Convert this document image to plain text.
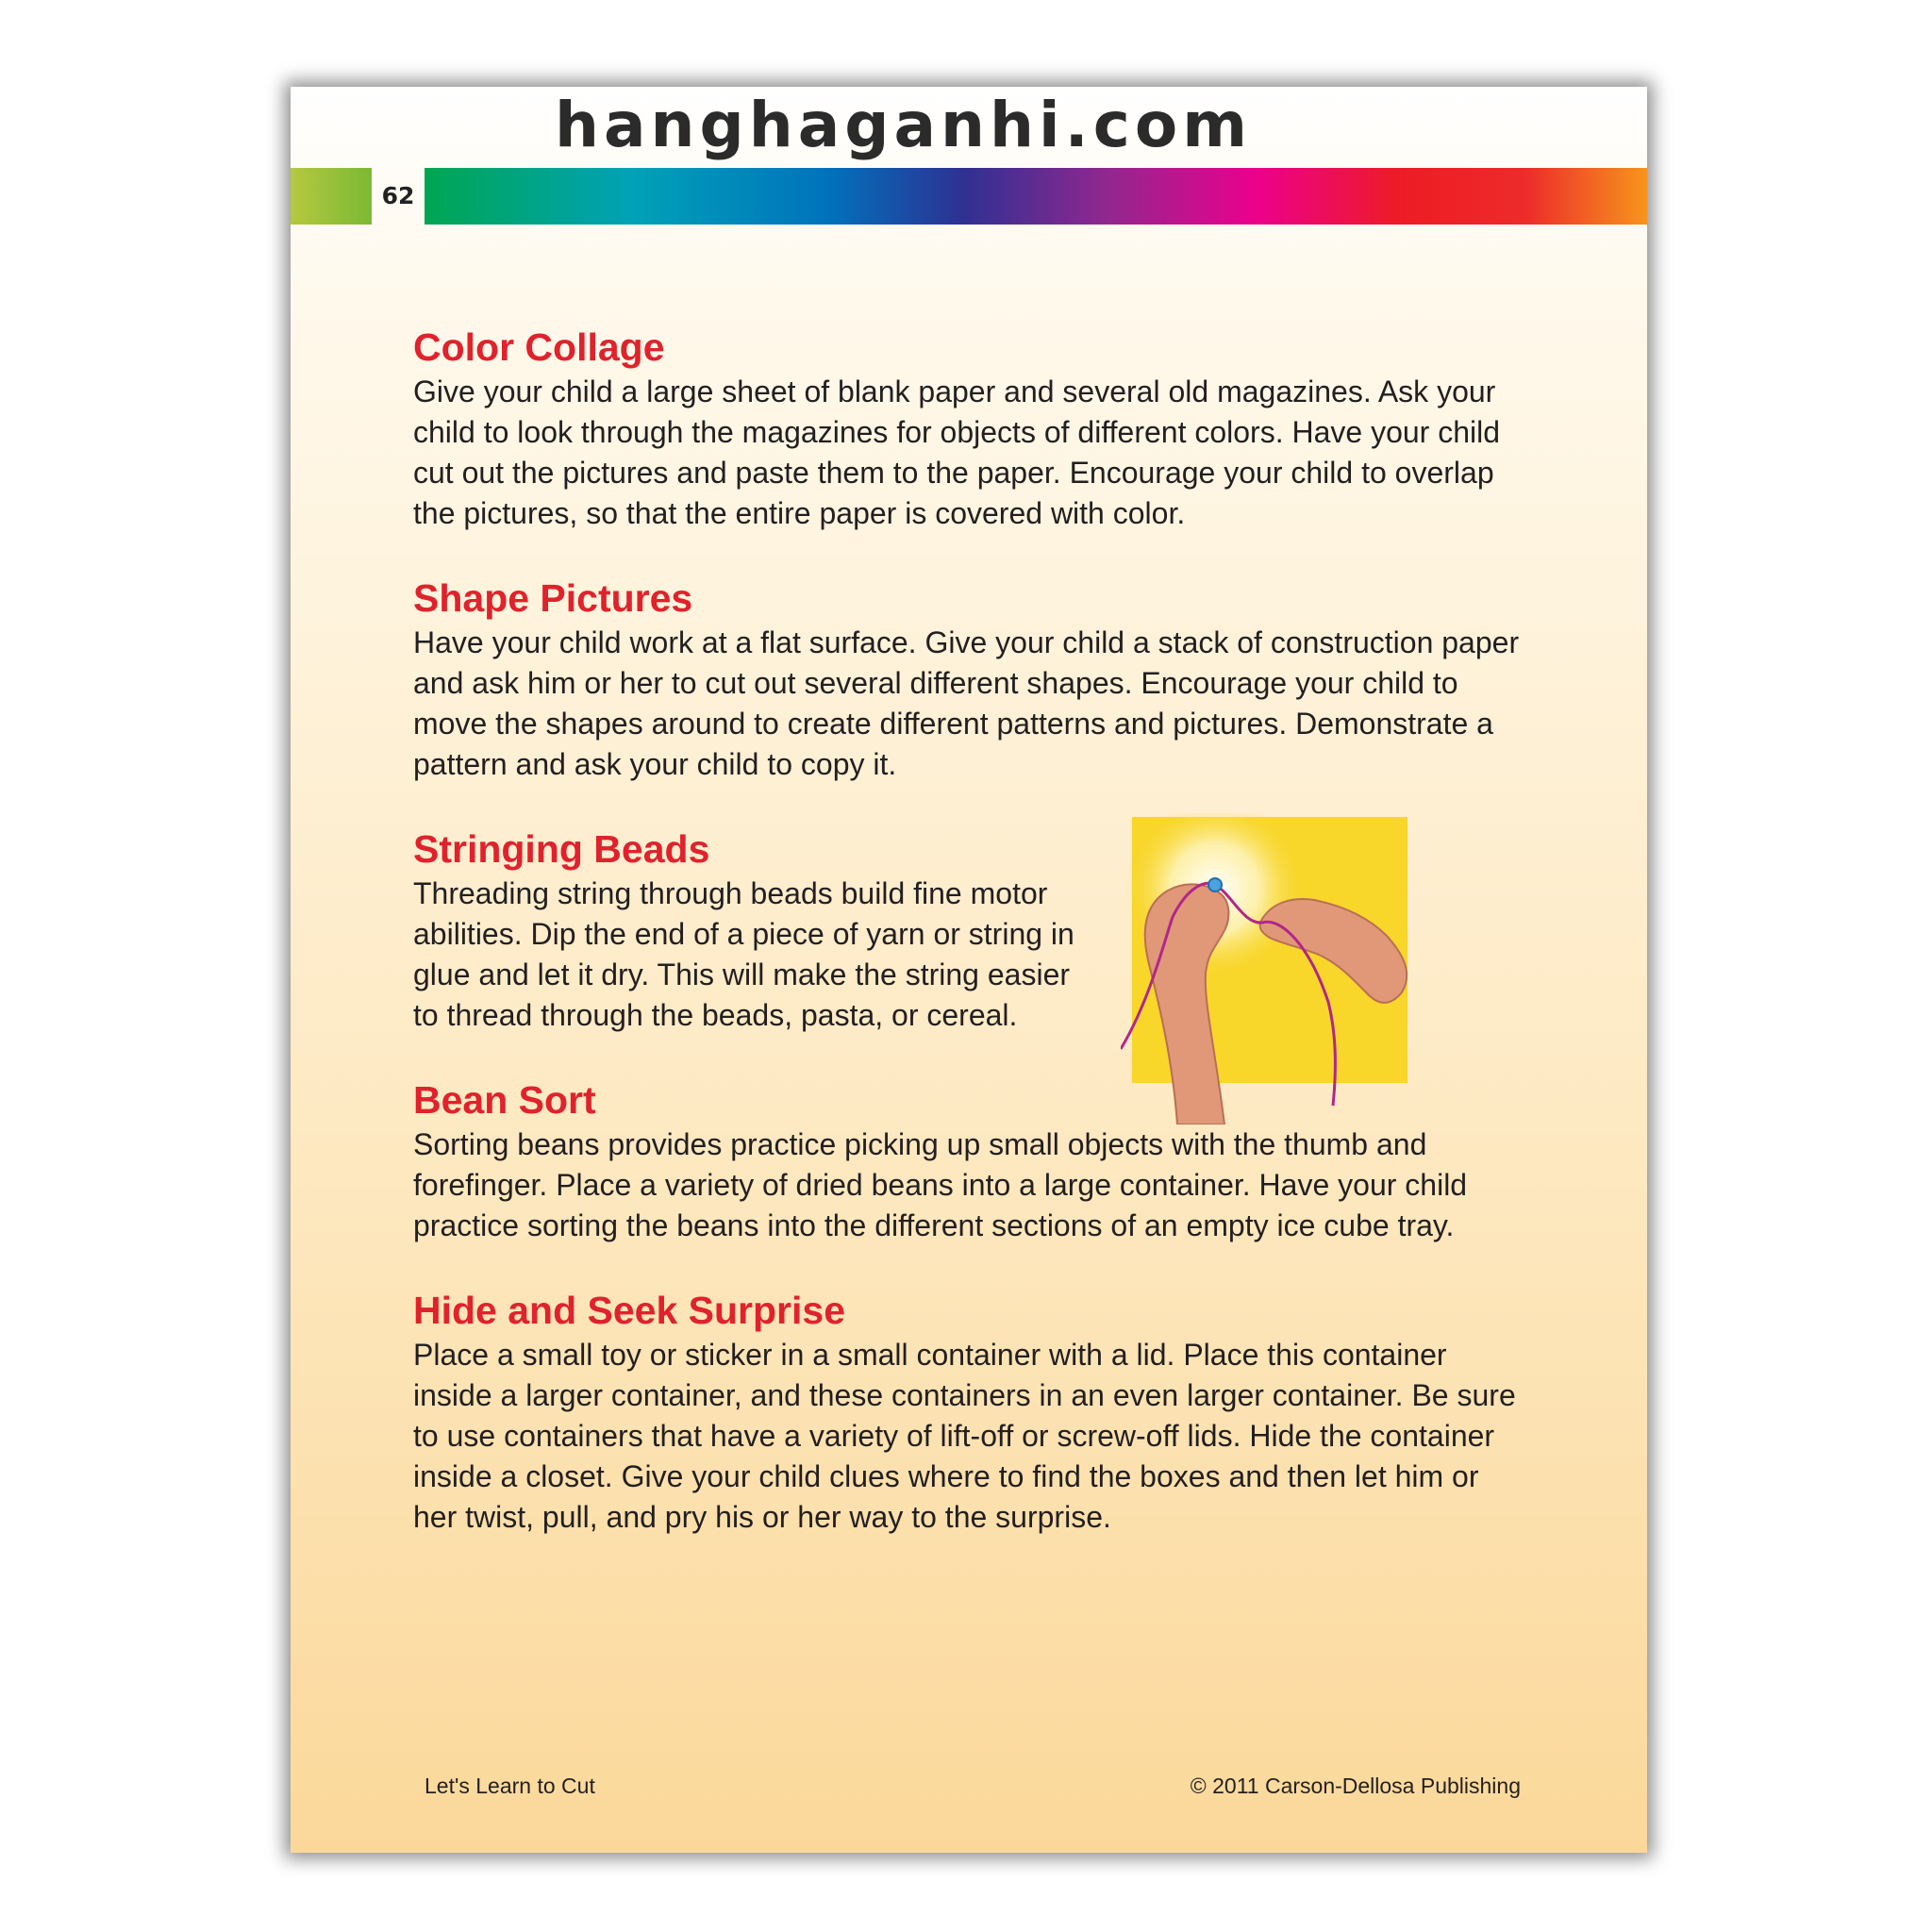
hanghaganhi.com
62
Color Collage

Give your child a large sheet of blank paper and several old magazines. Ask your child to look through the magazines for objects of different colors. Have your child cut out the pictures and paste them to the paper. Encourage your child to overlap the pictures, so that the entire paper is covered with color.

Shape Pictures

Have your child work at a flat surface. Give your child a stack of construction paper and ask him or her to cut out several different shapes. Encourage your child to move the shapes around to create different patterns and pictures. Demonstrate a pattern and ask your child to copy it.

Stringing Beads

Threading string through beads build fine motor abilities. Dip the end of a piece of yarn or string in glue and let it dry. This will make the string easier to thread through the beads, pasta, or cereal.

Bean Sort

Sorting beans provides practice picking up small objects with the thumb and forefinger. Place a variety of dried beans into a large container. Have your child practice sorting the beans into the different sections of an empty ice cube tray.

Hide and Seek Surprise

Place a small toy or sticker in a small container with a lid. Place this container inside a larger container, and these containers in an even larger container. Be sure to use containers that have a variety of lift-off or screw-off lids. Hide the container inside a closet. Give your child clues where to find the boxes and then let him or her twist, pull, and pry his or her way to the surprise.

Let's Learn to Cut	© 2011 Carson-Dellosa Publishing
